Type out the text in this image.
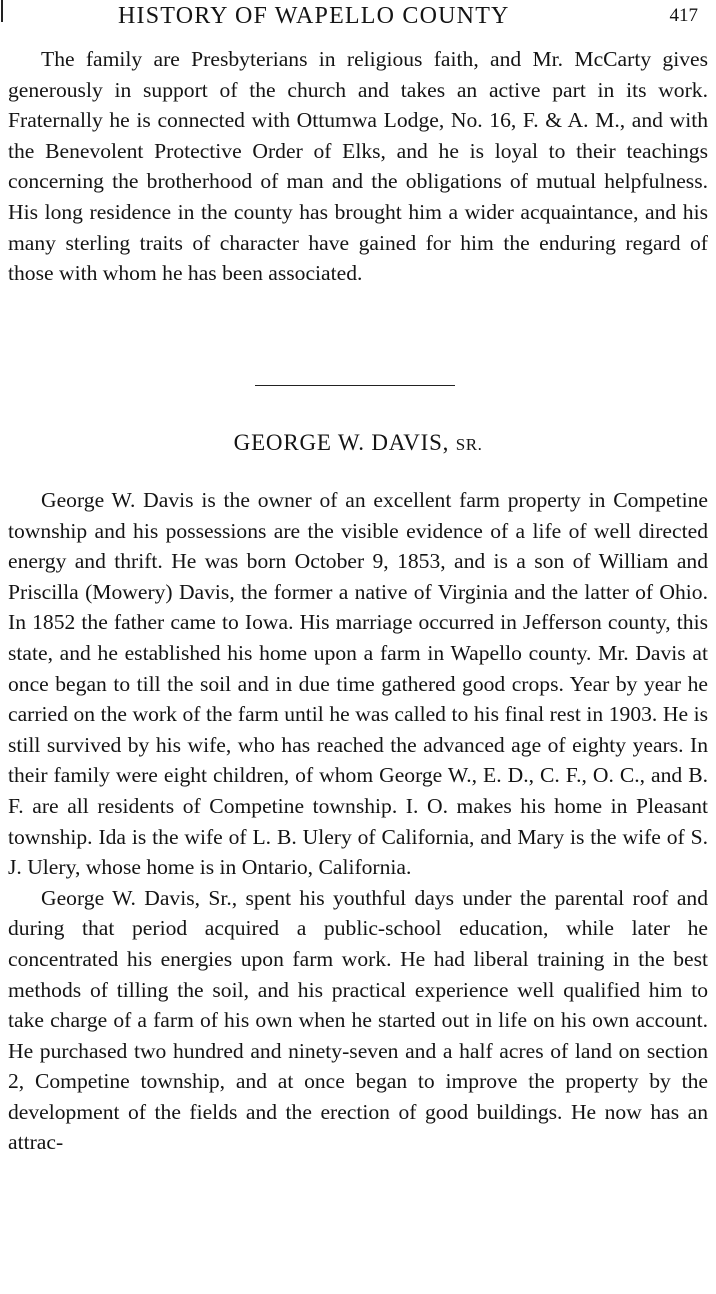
HISTORY OF WAPELLO COUNTY	417

The family are Presbyterians in religious faith, and Mr. McCarty gives generously in support of the church and takes an active part in its work. Fraternally he is connected with Ottumwa Lodge, No. 16, F. & A. M., and with the Benevolent Protective Order of Elks, and he is loyal to their teachings concerning the brotherhood of man and the obligations of mutual helpfulness. His long residence in the county has brought him a wider acquaintance, and his many sterling traits of character have gained for him the enduring regard of those with whom he has been associated.

GEORGE W. DAVIS, SR.

George W. Davis is the owner of an excellent farm property in Competine township and his possessions are the visible evidence of a life of well directed energy and thrift. He was born October 9, 1853, and is a son of William and Priscilla (Mowery) Davis, the former a native of Virginia and the latter of Ohio. In 1852 the father came to Iowa. His marriage occurred in Jefferson county, this state, and he established his home upon a farm in Wapello county. Mr. Davis at once began to till the soil and in due time gathered good crops. Year by year he carried on the work of the farm until he was called to his final rest in 1903. He is still survived by his wife, who has reached the advanced age of eighty years. In their family were eight children, of whom George W., E. D., C. F., O. C., and B. F. are all residents of Competine township. I. O. makes his home in Pleasant township. Ida is the wife of L. B. Ulery of California, and Mary is the wife of S. J. Ulery, whose home is in Ontario, California.

George W. Davis, Sr., spent his youthful days under the parental roof and during that period acquired a public-school education, while later he concentrated his energies upon farm work. He had liberal training in the best methods of tilling the soil, and his practical experience well qualified him to take charge of a farm of his own when he started out in life on his own account. He purchased two hundred and ninety-seven and a half acres of land on section 2, Competine township, and at once began to improve the property by the development of the fields and the erection of good buildings. He now has an attrac-
